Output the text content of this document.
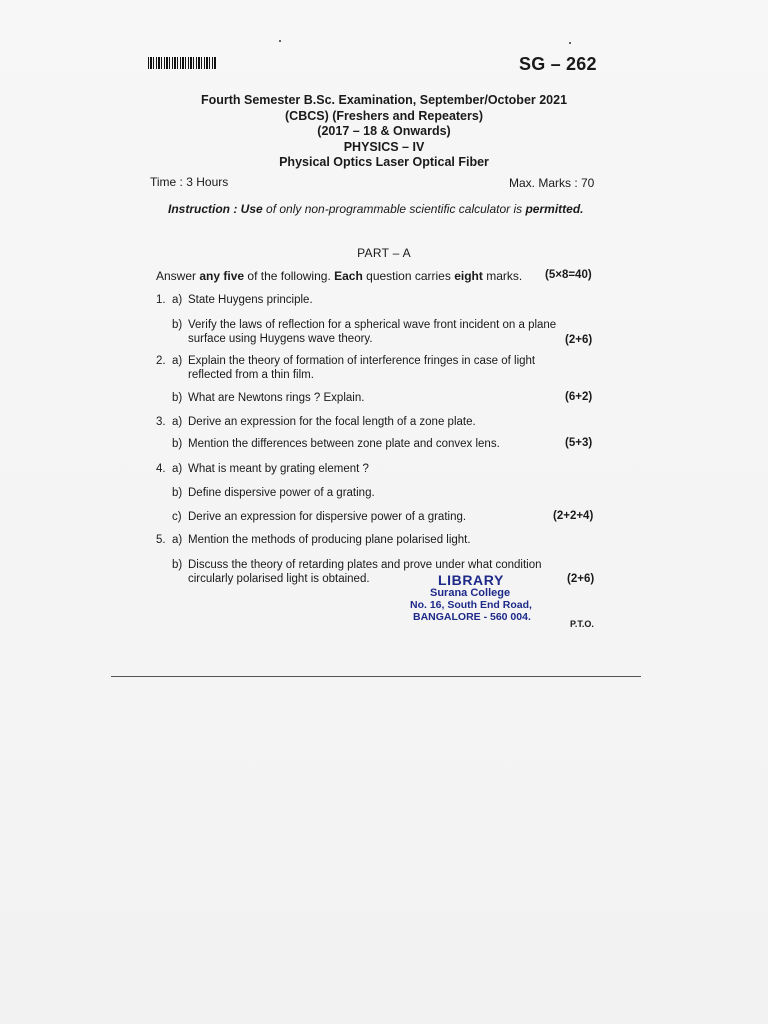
SG – 262
Fourth Semester B.Sc. Examination, September/October 2021
(CBCS) (Freshers and Repeaters)
(2017 – 18 & Onwards)
PHYSICS – IV
Physical Optics Laser Optical Fiber
Time : 3 Hours	Max. Marks : 70
Instruction : Use of only non-programmable scientific calculator is permitted.
PART – A
Answer any five of the following. Each question carries eight marks. (5×8=40)
1. a) State Huygens principle.
b) Verify the laws of reflection for a spherical wave front incident on a plane
surface using Huygens wave theory.	(2+6)
2. a) Explain the theory of formation of interference fringes in case of light
reflected from a thin film.
b) What are Newtons rings ? Explain.	(6+2)
3. a) Derive an expression for the focal length of a zone plate.
b) Mention the differences between zone plate and convex lens.	(5+3)
4. a) What is meant by grating element ?
b) Define dispersive power of a grating.
c) Derive an expression for dispersive power of a grating.	(2+2+4)
5. a) Mention the methods of producing plane polarised light.
b) Discuss the theory of retarding plates and prove under what condition
circularly polarised light is obtained.	(2+6)
LIBRARY
Surana College
No. 16, South End Road,
BANGALORE - 560 004.
P.T.O.
